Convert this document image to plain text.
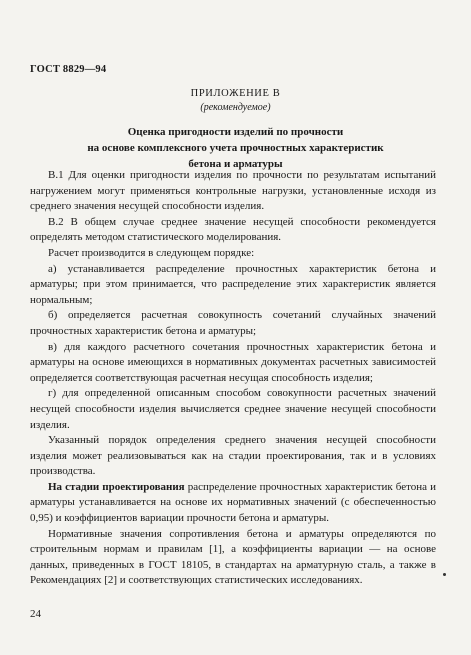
ГОСТ 8829—94
ПРИЛОЖЕНИЕ В
(рекомендуемое)
Оценка пригодности изделий по прочности
на основе комплексного учета прочностных характеристик
бетона и арматуры

В.1 Для оценки пригодности изделия по прочности по результатам испытаний нагружением могут применяться контрольные нагрузки, установленные исходя из среднего значения несущей способности изделия.

В.2 В общем случае среднее значение несущей способности рекомендуется определять методом статистического моделирования.

Расчет производится в следующем порядке:

а) устанавливается распределение прочностных характеристик бетона и арматуры; при этом принимается, что распределение этих характеристик является нормальным;

б) определяется расчетная совокупность сочетаний случайных значений прочностных характеристик бетона и арматуры;

в) для каждого расчетного сочетания прочностных характеристик бетона и арматуры на основе имеющихся в нормативных документах расчетных зависимостей определяется соответствующая расчетная несущая способность изделия;

г) для определенной описанным способом совокупности расчетных значений несущей способности изделия вычисляется среднее значение несущей способности изделия.

Указанный порядок определения среднего значения несущей способности изделия может реализовываться как на стадии проектирования, так и в условиях производства.

На стадии проектирования распределение прочностных характеристик бетона и арматуры устанавливается на основе их нормативных значений (с обеспеченностью 0,95) и коэффициентов вариации прочности бетона и арматуры.

Нормативные значения сопротивления бетона и арматуры определяются по строительным нормам и правилам [1], а коэффициенты вариации — на основе данных, приведенных в ГОСТ 18105, в стандартах на арматурную сталь, а также в Рекомендациях [2] и соответствующих статистических исследованиях.

24
